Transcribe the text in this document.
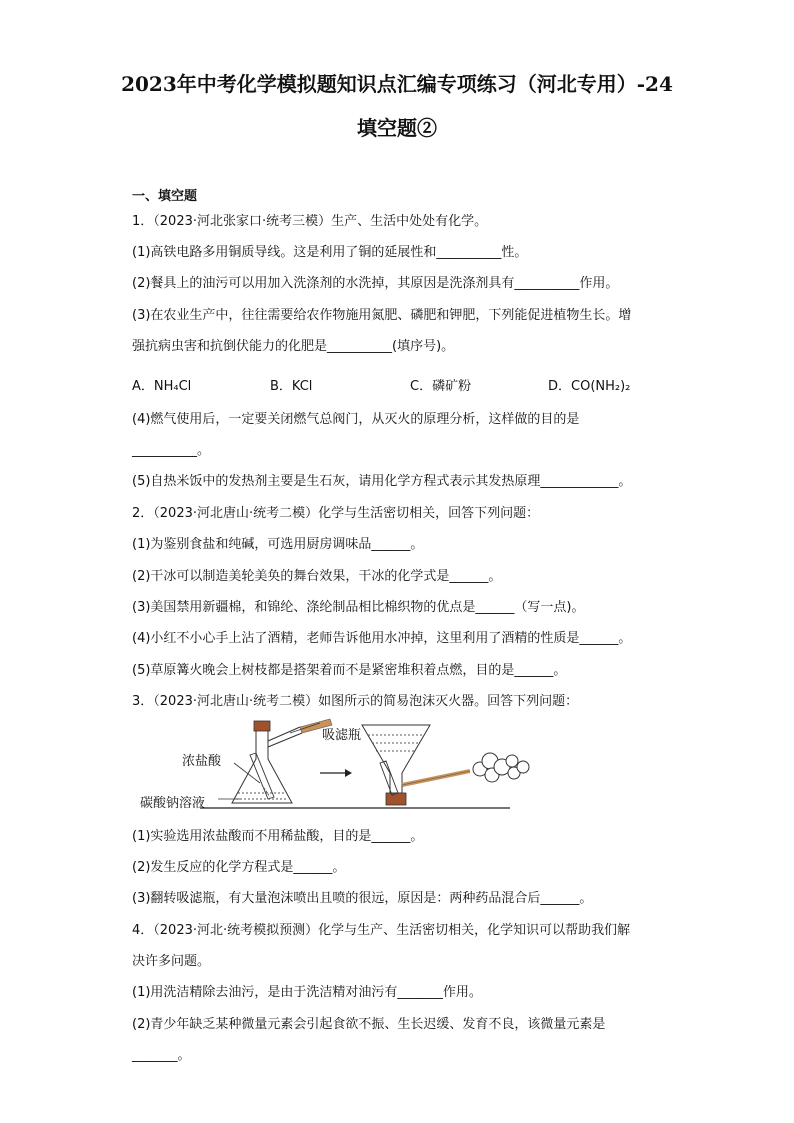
2023年中考化学模拟题知识点汇编专项练习（河北专用）-24
填空题②
一、填空题
1．（2023·河北张家口·统考三模）生产、生活中处处有化学。
(1)高铁电路多用铜质导线。这是利用了铜的延展性和__________性。
(2)餐具上的油污可以用加入洗涤剂的水洗掉，其原因是洗涤剂具有__________作用。
(3)在农业生产中，往往需要给农作物施用氮肥、磷肥和钾肥，下列能促进植物生长。增
强抗病虫害和抗倒伏能力的化肥是__________(填序号)。
A．NH₄Cl	B．KCl	C．磷矿粉	D．CO(NH₂)₂
(4)燃气使用后，一定要关闭燃气总阀门，从灭火的原理分析，这样做的目的是
__________。
(5)自热米饭中的发热剂主要是生石灰，请用化学方程式表示其发热原理____________。
2．（2023·河北唐山·统考二模）化学与生活密切相关，回答下列问题：
(1)为鉴别食盐和纯碱，可选用厨房调味品______。
(2)干冰可以制造美轮美奂的舞台效果，干冰的化学式是______。
(3)美国禁用新疆棉，和锦纶、涤纶制品相比棉织物的优点是______（写一点)。
(4)小红不小心手上沾了酒精，老师告诉他用水冲掉，这里利用了酒精的性质是______。
(5)草原篝火晚会上树枝都是搭架着而不是紧密堆积着点燃，目的是______。
3．（2023·河北唐山·统考二模）如图所示的简易泡沫灭火器。回答下列问题：
吸滤瓶
浓盐酸
碳酸钠溶液
(1)实验选用浓盐酸而不用稀盐酸，目的是______。
(2)发生反应的化学方程式是______。
(3)翻转吸滤瓶，有大量泡沫喷出且喷的很远，原因是：两种药品混合后______。
4．（2023·河北·统考模拟预测）化学与生产、生活密切相关，化学知识可以帮助我们解
决许多问题。
(1)用洗洁精除去油污，是由于洗洁精对油污有_______作用。
(2)青少年缺乏某种微量元素会引起食欲不振、生长迟缓、发育不良，该微量元素是
_______。
